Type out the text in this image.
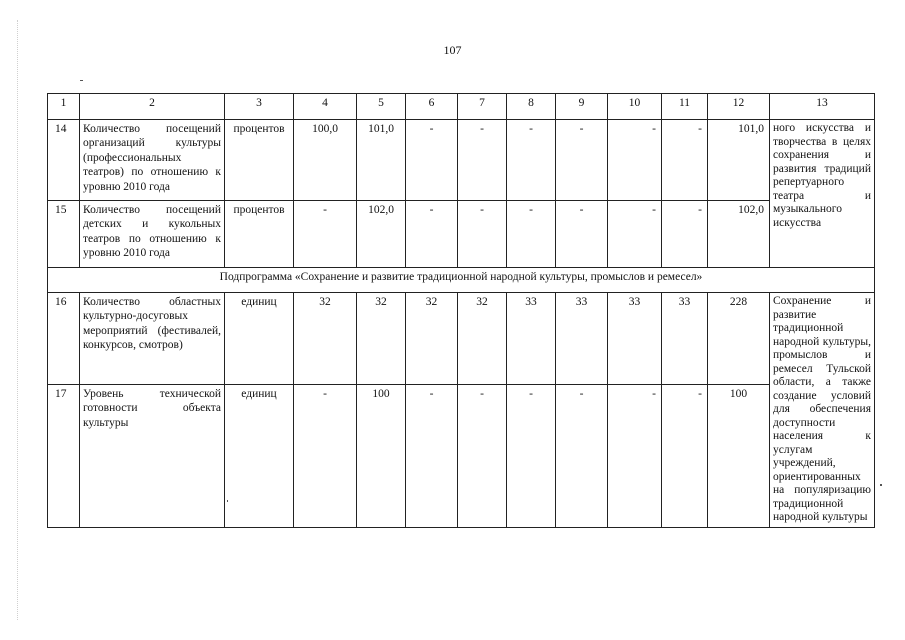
107
1	2	3	4	5	6	7	8	9	10	11	12	13
14	Количество посещений организаций культуры (профессиональных театров) по отношению к уровню 2010 года	процентов	100,0	101,0	-	-	-	-	-	-	101,0	ного искусства и творчества в целях сохранения и развития традиций репертуарного театра и музыкального искусства
15	Количество посещений детских и кукольных театров по отношению к уровню 2010 года	процентов	-	102,0	-	-	-	-	-	-	102,0	
Подпрограмма «Сохранение и развитие традиционной народной культуры, промыслов и ремесел»												
16	Количество областных культурно-досуговых мероприятий (фестивалей, конкурсов, смотров)	единиц	32	32	32	32	33	33	33	33	228	Сохранение и развитие традиционной народной культуры, промыслов и ремесел Тульской области, а также создание условий для обеспечения доступности населения к услугам учреждений, ориентированных на популяризацию традиционной народной культуры
17	Уровень технической готовности объекта культуры	единиц	-	100	-	-	-	-	-	-	100	
